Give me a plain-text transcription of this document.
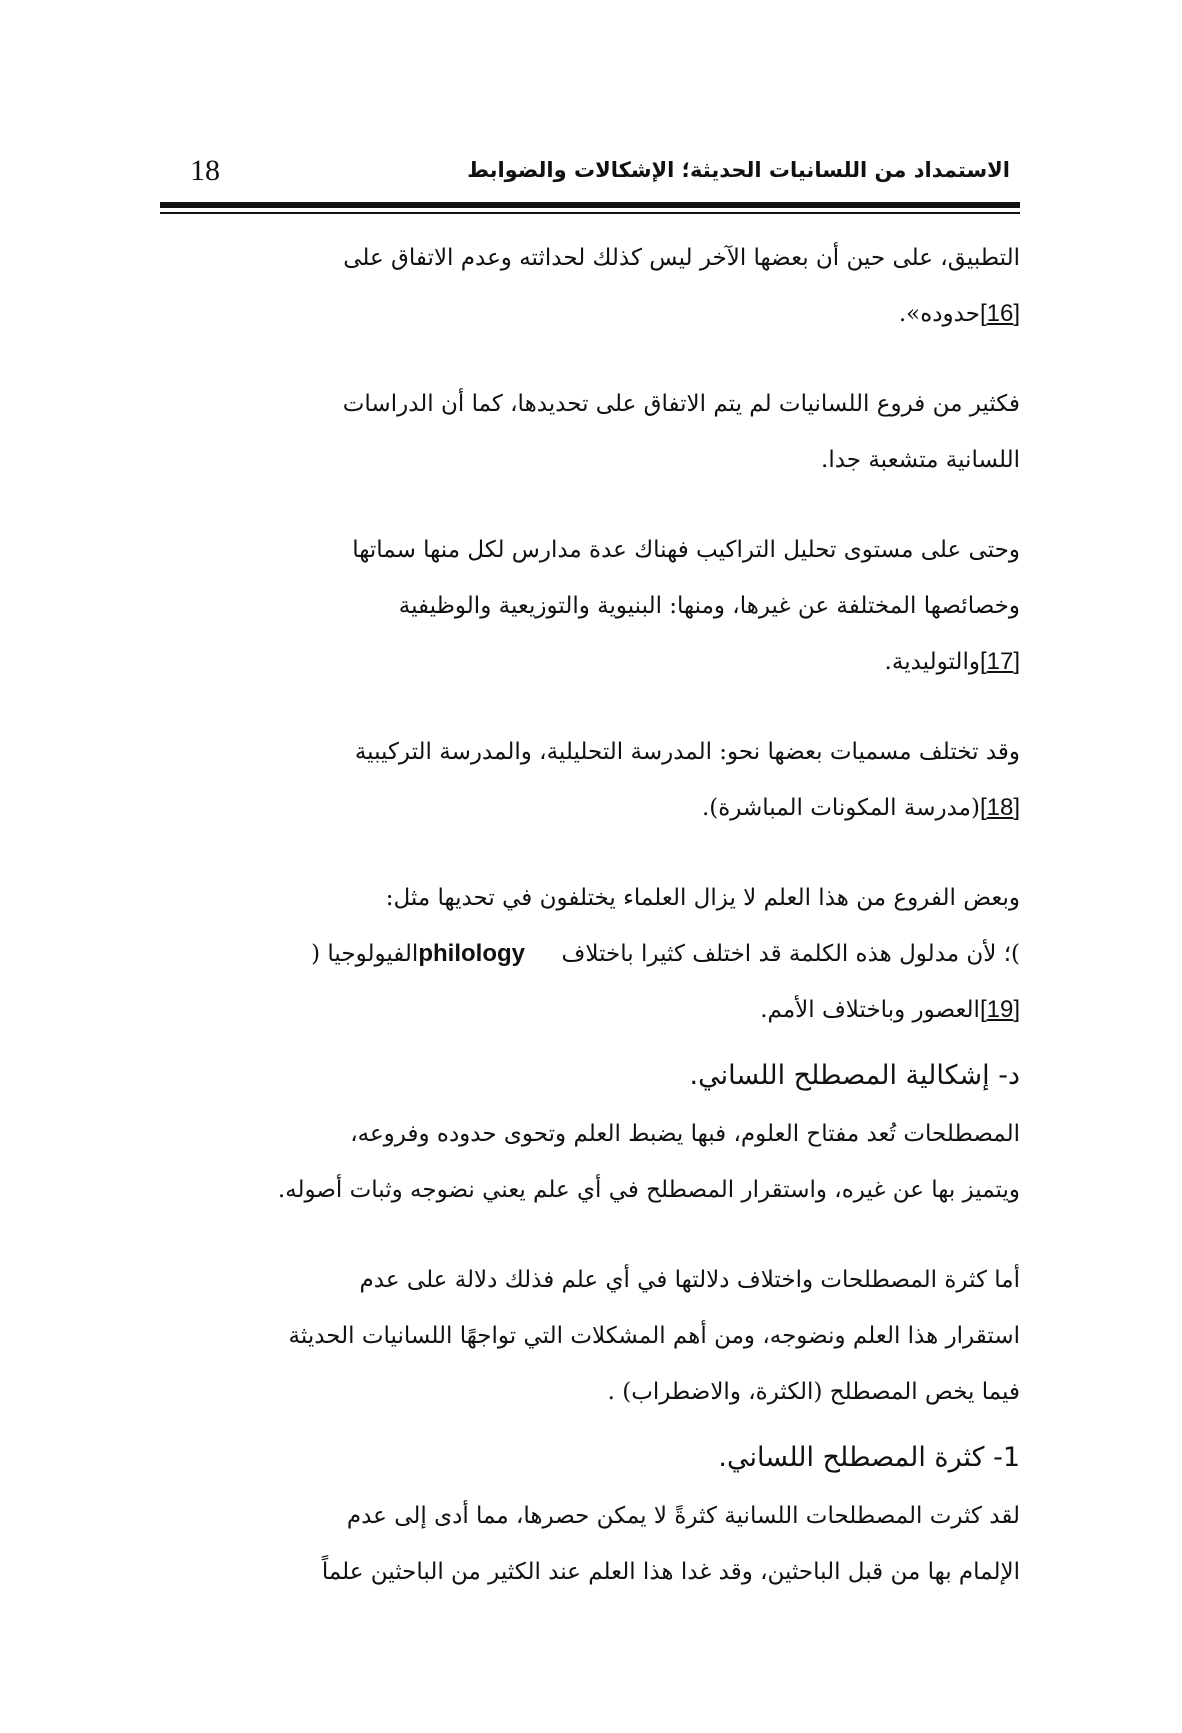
18	الاستمداد من اللسانيات الحديثة؛ الإشكالات والضوابط
التطبيق، على حين أن بعضها الآخر ليس كذلك لحداثته وعدم الاتفاق على
[16]حدوده».
فكثير من فروع اللسانيات لم يتم الاتفاق على تحديدها، كما أن الدراسات
اللسانية متشعبة جدا.
وحتى على مستوى تحليل التراكيب فهناك عدة مدارس لكل منها سماتها
وخصائصها المختلفة عن غيرها، ومنها: البنيوية والتوزيعية والوظيفية
[17]والتوليدية.
وقد تختلف مسميات بعضها نحو: المدرسة التحليلية، والمدرسة التركيبية
[18](مدرسة المكونات المباشرة).
وبعض الفروع من هذا العلم لا يزال العلماء يختلفون في تحديها مثل:
)؛ لأن مدلول هذه الكلمة قد اختلف كثيرا باختلاف     philologyالفيولوجيا (
[19]العصور وباختلاف الأمم.
د- إشكالية المصطلح اللساني.
المصطلحات تُعد مفتاح العلوم، فبها يضبط العلم وتحوى حدوده وفروعه،
ويتميز بها عن غيره، واستقرار المصطلح في أي علم يعني نضوجه وثبات أصوله.
أما كثرة المصطلحات واختلاف دلالتها في أي علم فذلك دلالة على عدم
استقرار هذا العلم ونضوجه، ومن أهم المشكلات التي تواجهًا اللسانيات الحديثة
فيما يخص المصطلح (الكثرة، والاضطراب) .
1- كثرة المصطلح اللساني.
لقد كثرت المصطلحات اللسانية كثرةً لا يمكن حصرها، مما أدى إلى عدم
الإلمام بها من قبل الباحثين، وقد غدا هذا العلم عند الكثير من الباحثين علماً
